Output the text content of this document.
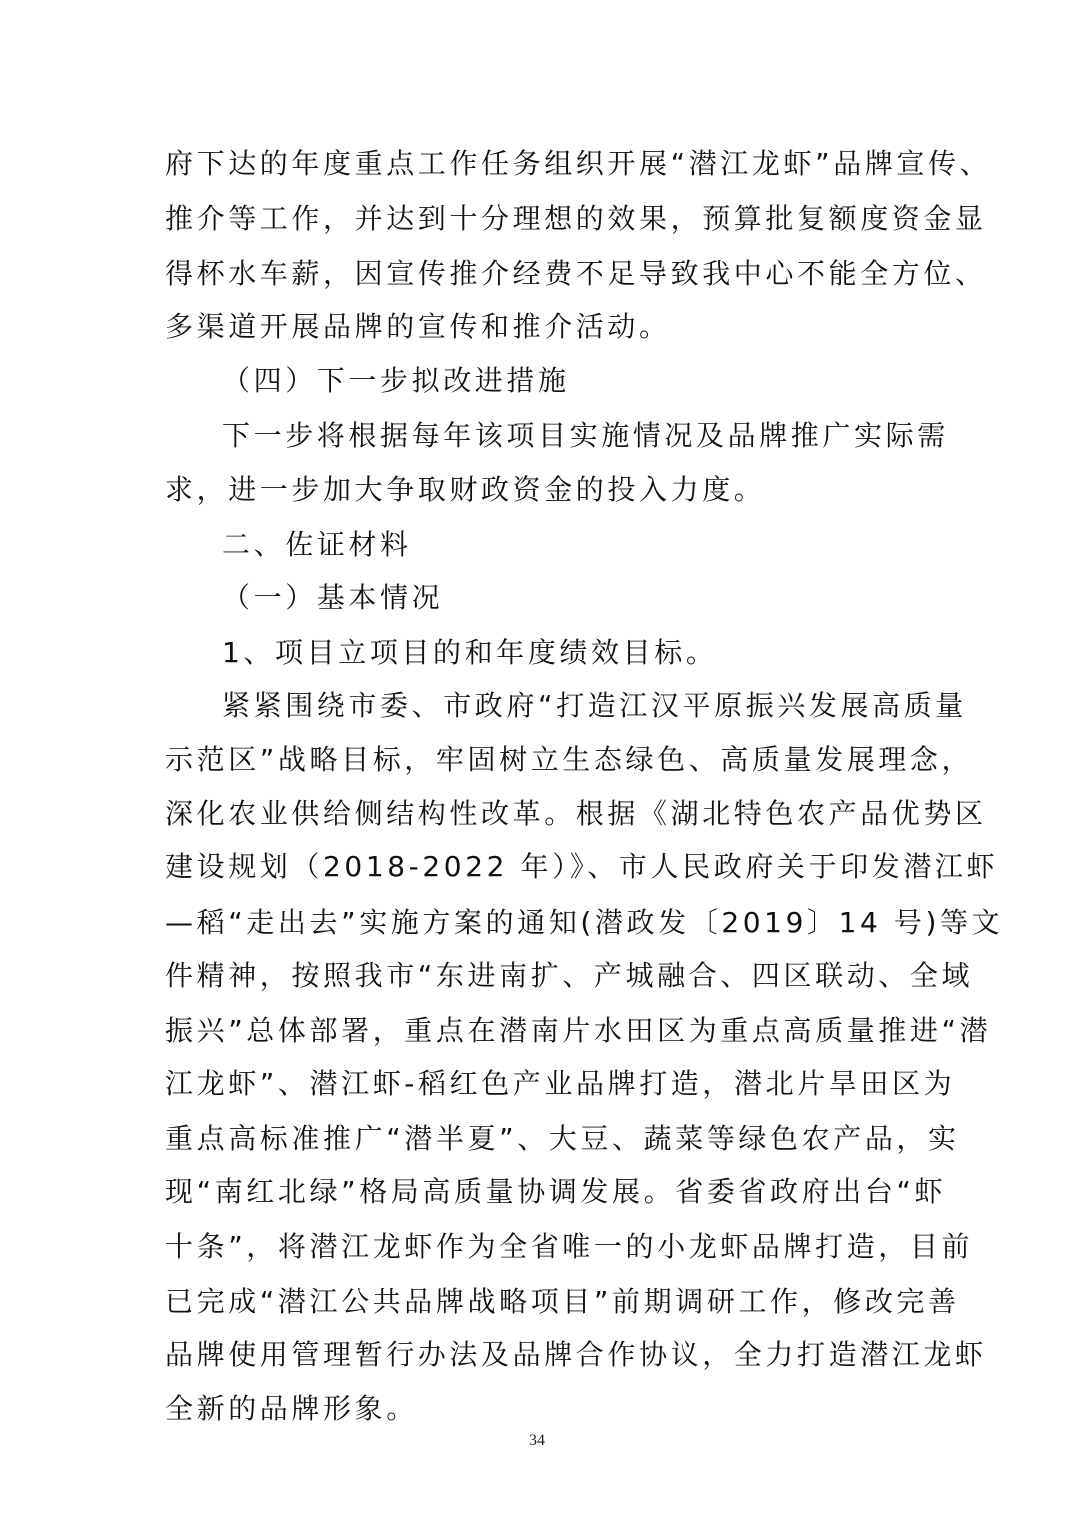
府下达的年度重点工作任务组织开展“潜江龙虾”品牌宣传、
推介等工作，并达到十分理想的效果，预算批复额度资金显
得杯水车薪，因宣传推介经费不足导致我中心不能全方位、
多渠道开展品牌的宣传和推介活动。
（四）下一步拟改进措施
下一步将根据每年该项目实施情况及品牌推广实际需
求，进一步加大争取财政资金的投入力度。
二、佐证材料
（一）基本情况
1、项目立项目的和年度绩效目标。
紧紧围绕市委、市政府“打造江汉平原振兴发展高质量
示范区”战略目标，牢固树立生态绿色、高质量发展理念，
深化农业供给侧结构性改革。根据《湖北特色农产品优势区
建设规划（2018-2022 年）》、市人民政府关于印发潜江虾
—稻“走出去”实施方案的通知(潜政发〔2019〕14 号)等文
件精神，按照我市“东进南扩、产城融合、四区联动、全域
振兴”总体部署，重点在潜南片水田区为重点高质量推进“潜
江龙虾”、潜江虾-稻红色产业品牌打造，潜北片旱田区为
重点高标准推广“潜半夏”、大豆、蔬菜等绿色农产品，实
现“南红北绿”格局高质量协调发展。省委省政府出台“虾
十条”，将潜江龙虾作为全省唯一的小龙虾品牌打造，目前
已完成“潜江公共品牌战略项目”前期调研工作，修改完善
品牌使用管理暂行办法及品牌合作协议，全力打造潜江龙虾
全新的品牌形象。
34
